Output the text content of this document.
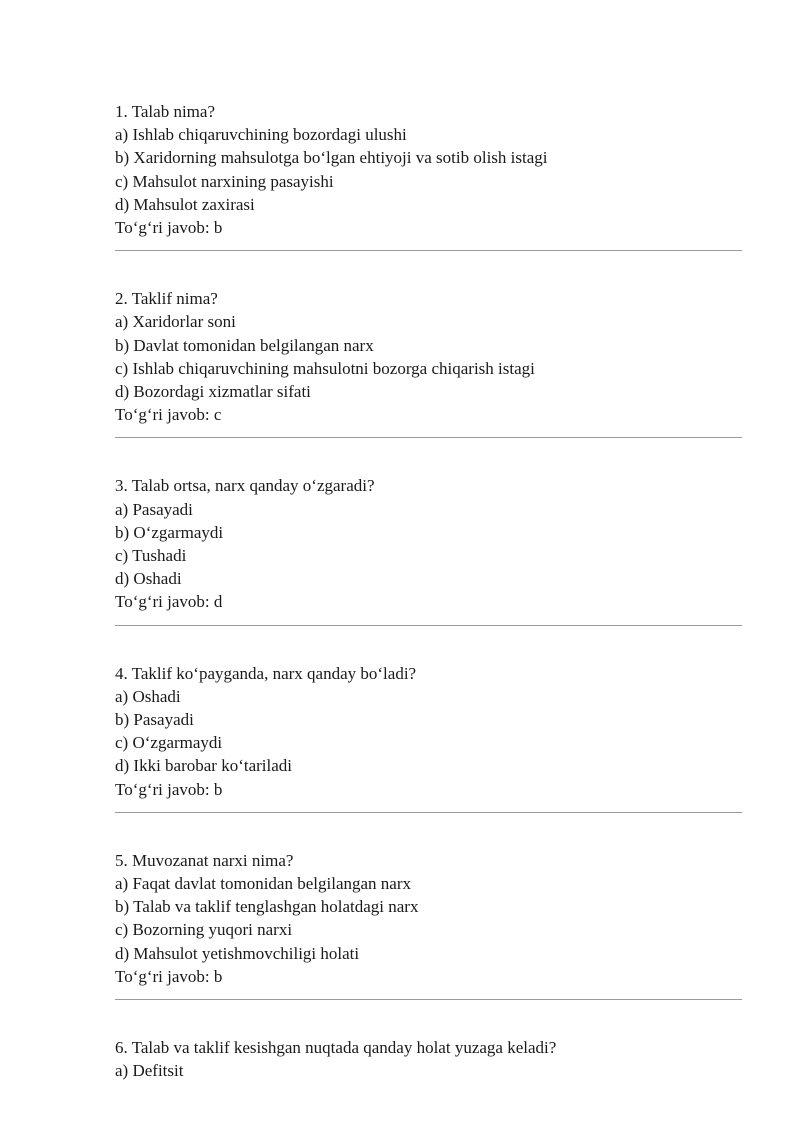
1. Talab nima?

a) Ishlab chiqaruvchining bozordagi ulushi

b) Xaridorning mahsulotga bo‘lgan ehtiyoji va sotib olish istagi

c) Mahsulot narxining pasayishi

d) Mahsulot zaxirasi

To‘g‘ri javob: b

2. Taklif nima?

a) Xaridorlar soni

b) Davlat tomonidan belgilangan narx

c) Ishlab chiqaruvchining mahsulotni bozorga chiqarish istagi

d) Bozordagi xizmatlar sifati

To‘g‘ri javob: c

3. Talab ortsa, narx qanday o‘zgaradi?

a) Pasayadi

b) O‘zgarmaydi

c) Tushadi

d) Oshadi

To‘g‘ri javob: d

4. Taklif ko‘payganda, narx qanday bo‘ladi?

a) Oshadi

b) Pasayadi

c) O‘zgarmaydi

d) Ikki barobar ko‘tariladi

To‘g‘ri javob: b

5. Muvozanat narxi nima?

a) Faqat davlat tomonidan belgilangan narx

b) Talab va taklif tenglashgan holatdagi narx

c) Bozorning yuqori narxi

d) Mahsulot yetishmovchiligi holati

To‘g‘ri javob: b

6. Talab va taklif kesishgan nuqtada qanday holat yuzaga keladi?

a) Defitsit
